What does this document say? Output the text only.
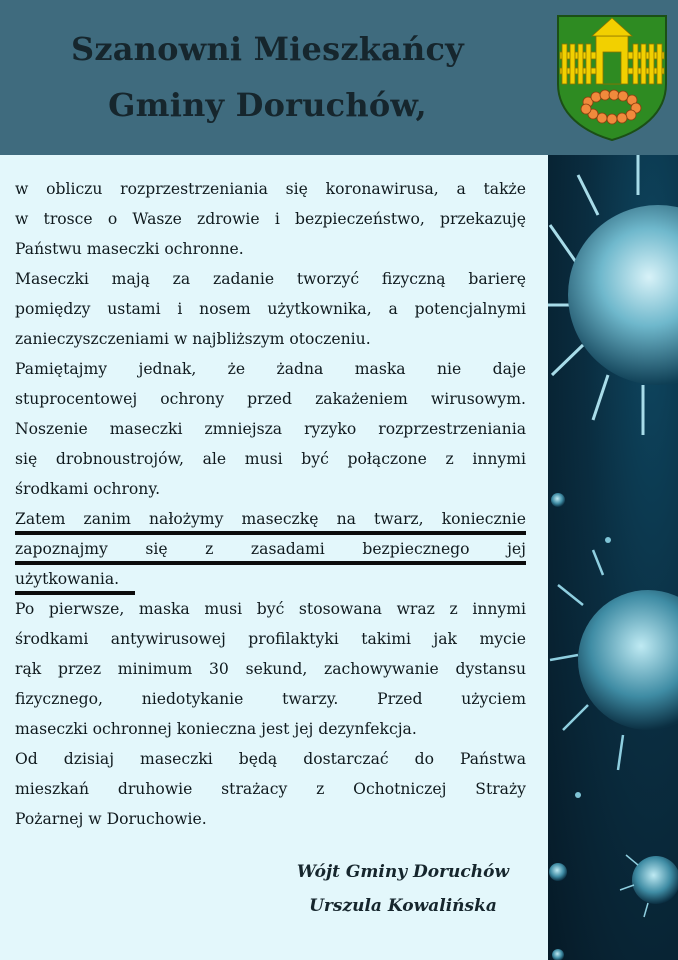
Szanowni Mieszkańcy
Gminy Doruchów,
w obliczu rozprzestrzeniania się koronawirusa, a także
w trosce o Wasze zdrowie i bezpieczeństwo, przekazuję
Państwu maseczki ochronne.
Maseczki mają za zadanie tworzyć fizyczną barierę
pomiędzy ustami i nosem użytkownika, a potencjalnymi
zanieczyszczeniami w najbliższym otoczeniu.
Pamiętajmy jednak, że żadna maska nie daje
stuprocentowej ochrony przed zakażeniem wirusowym.
Noszenie maseczki zmniejsza ryzyko rozprzestrzeniania
się drobnoustrojów, ale musi być połączone z innymi
środkami ochrony.
Zatem zanim nałożymy maseczkę na twarz, koniecznie
zapoznajmy się z zasadami bezpiecznego jej
użytkowania.
Po pierwsze, maska musi być stosowana wraz z innymi
środkami antywirusowej profilaktyki takimi jak mycie
rąk przez minimum 30 sekund, zachowywanie dystansu
fizycznego, niedotykanie twarzy. Przed użyciem
maseczki ochronnej konieczna jest jej dezynfekcja.
Od dzisiaj maseczki będą dostarczać do Państwa
mieszkań druhowie strażacy z Ochotniczej Straży
Pożarnej w Doruchowie.
Wójt Gminy Doruchów
Urszula Kowalińska
